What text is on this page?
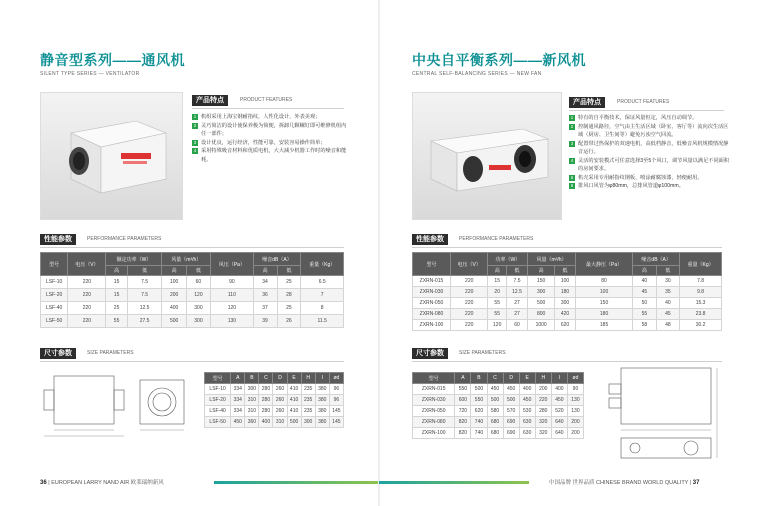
静音型系列——通风机
SILENT TYPE SERIES — VENTILATOR
产品特点	PRODUCT FEATURES
1 机组采用上海宝钢耐指纹，人性化设计，外表美观；
2 灵巧简洁的设计使保养极为简便，拆卸几颗螺钉即可维修机组内任一部件；
3 设计优良，运行经济，性能可靠，安装容易操作简单；
4 采用特殊吸音材料和优质电机，大大减少机器工作时的噪音和能耗。
性能参数	PERFORMANCE PARAMETERS
型号	电压（V）	额定功率（W）		风量（m³/h）		风压（Pa）	噪音dB（A）		重量（Kg）
		高	低	高	低		高	低	
LSF-10	220	15	7.5	100	60	90	34	25	6.5
LSF-20	220	15	7.5	200	120	110	36	28	7
LSF-40	220	25	12.5	400	300	120	37	25	8
LSF-50	220	55	27.5	500	300	130	39	26	11.5
尺寸参数	SIZE PARAMETERS
型号	A	B	C	D	E	H	I	ød
LSF-10	334	300	280	260	410	235	380	96
LSF-20	334	310	280	260	410	235	380	96
LSF-40	334	310	280	260	410	235	380	145
LSF-50	450	360	400	310	500	300	380	145
36 | EUROPEAN LARRY NAND AIR 欧莱瑞纳新风
中央自平衡系列——新风机
CENTRAL SELF-BALANCING SERIES — NEW FAN
产品特点	PRODUCT FEATURES
1 特有的自平衡技术，保证风量恒定，风压自动调节。
2 控制通风路径，空气由主生活区域（卧室、客厅等）流向次生活区域（厨房、卫生间等）避免污浊空气回流。
3 配置带过热保护的双速电机，高低档静音，低噪音风机规模情况静音运行。
4 灵活的安装模式可任意选择3至5个风口，调节风量以满足不同面积的房间要求。
5 机壳采用专用耐指纹钢板，喷涂耐腐蚀漆，轻便耐用。
6 排风口风管为φ80mm，总排风管道φ100mm。
性能参数	PERFORMANCE PARAMETERS
型号	电压（V）	功率（W）		风量（m³/h）		最大静压（Pa）	噪音dB（A）		重量（Kg）
		高	低	高	低		高	低	
ZXRN-015	220	15	7.5	150	100	80	40	30	7.8
ZXRN-030	220	20	12.5	300	180	100	45	35	9.8
ZXRN-050	220	55	27	500	300	150	50	40	15.3
ZXRN-080	220	55	27	800	420	180	55	45	23.8
ZXRN-100	220	120	60	1000	620	185	58	48	30.2
尺寸参数	SIZE PARAMETERS
型号	A	B	C	D	E	H	I	ød
ZXRN-015	550	500	450	450	400	200	400	90
ZXRN-030	600	550	500	500	450	220	450	130
ZXRN-050	720	620	580	570	530	280	520	130
ZXRN-080	820	740	680	690	630	320	640	200
ZXRN-100	820	740	680	690	630	320	640	200
中国品牌 世界品质 CHINESE BRAND WORLD QUALITY | 37
